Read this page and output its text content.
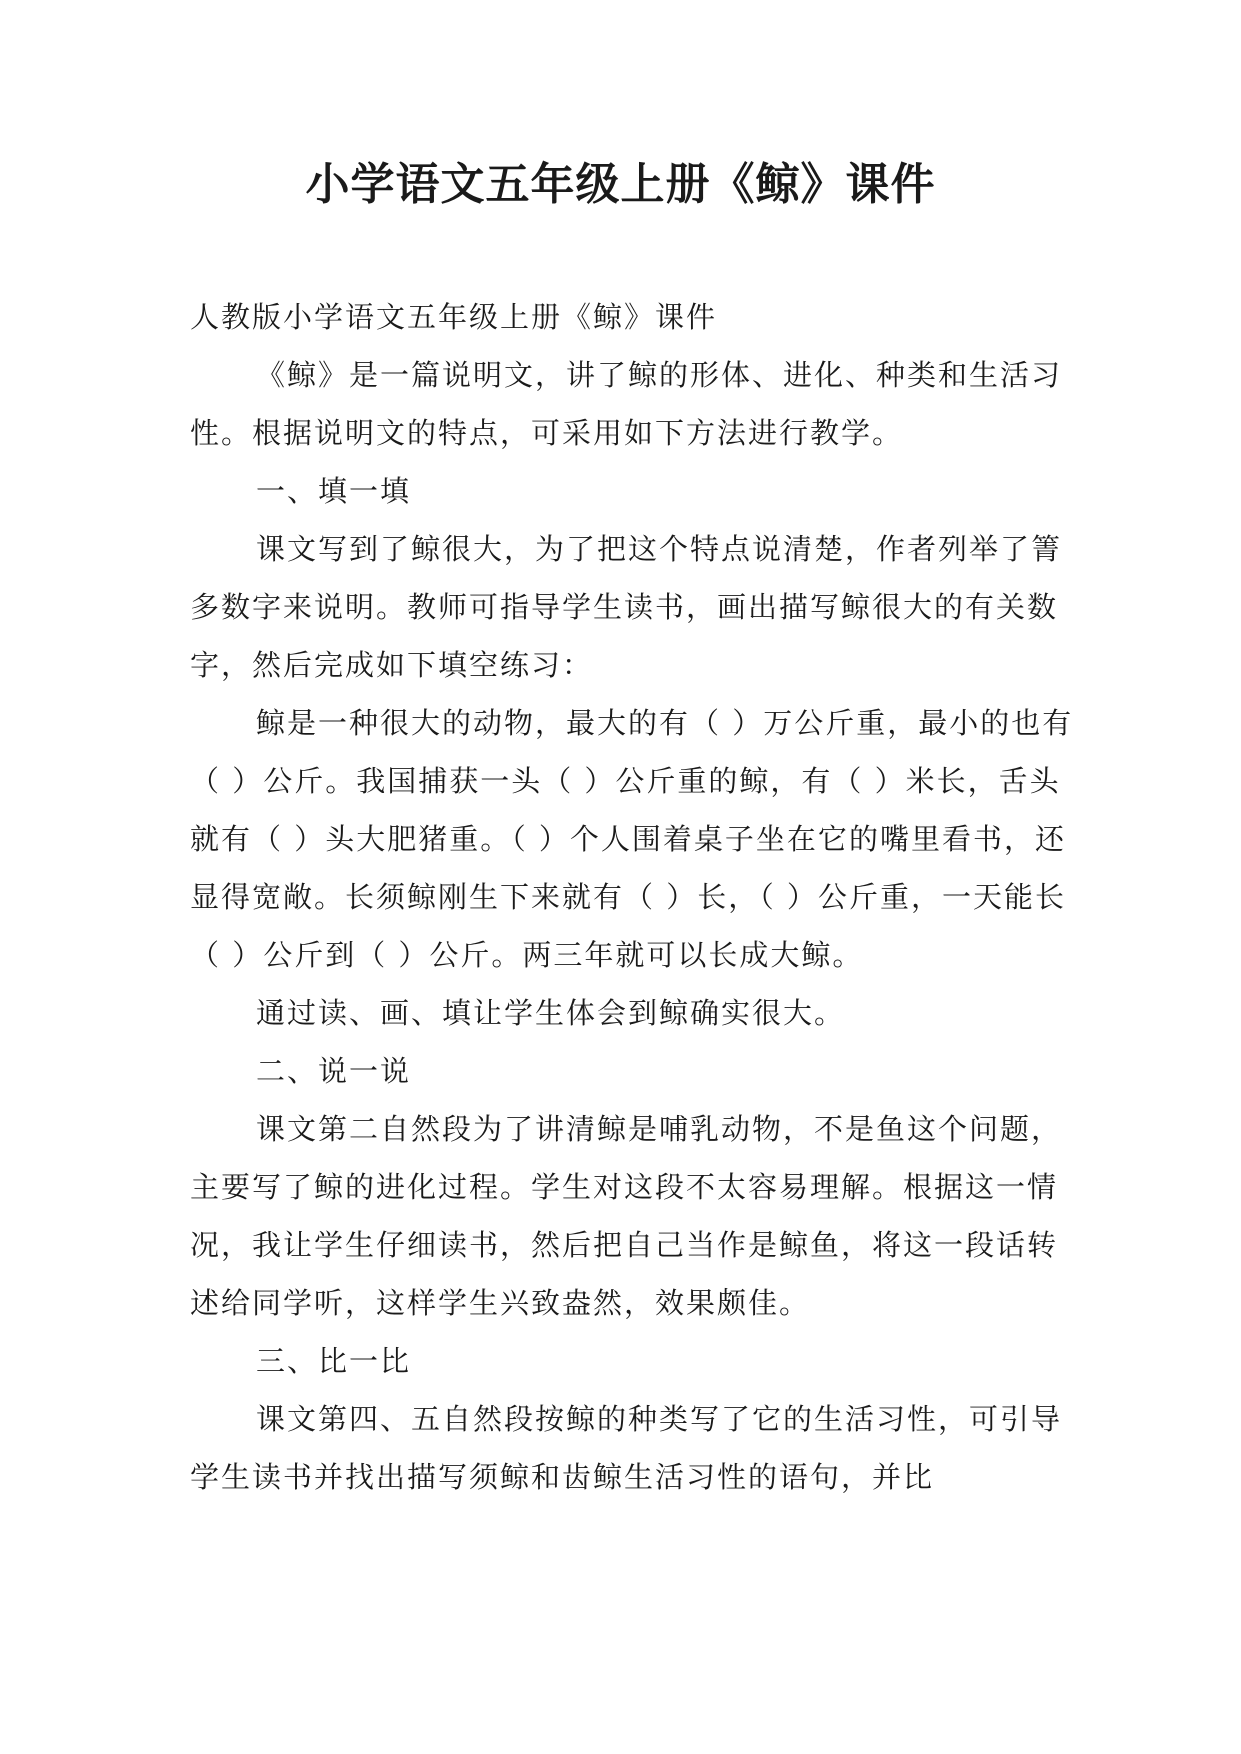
小学语文五年级上册《鲸》课件

人教版小学语文五年级上册《鲸》课件

《鲸》是一篇说明文，讲了鲸的形体、进化、种类和生活习性。根据说明文的特点，可采用如下方法进行教学。

一、填一填

课文写到了鲸很大，为了把这个特点说清楚，作者列举了箐多数字来说明。教师可指导学生读书，画出描写鲸很大的有关数字，然后完成如下填空练习：

鲸是一种很大的动物，最大的有（ ）万公斤重，最小的也有（ ）公斤。我国捕获一头（ ）公斤重的鲸，有（ ）米长，舌头就有（ ）头大肥猪重。（ ）个人围着桌子坐在它的嘴里看书，还显得宽敞。长须鲸刚生下来就有（ ）长，（ ）公斤重，一天能长（ ）公斤到（ ）公斤。两三年就可以长成大鲸。

通过读、画、填让学生体会到鲸确实很大。

二、说一说

课文第二自然段为了讲清鲸是哺乳动物，不是鱼这个问题，主要写了鲸的进化过程。学生对这段不太容易理解。根据这一情况，我让学生仔细读书，然后把自己当作是鲸鱼，将这一段话转述给同学听，这样学生兴致盎然，效果颇佳。

三、比一比

课文第四、五自然段按鲸的种类写了它的生活习性，可引导学生读书并找出描写须鲸和齿鲸生活习性的语句，并比
